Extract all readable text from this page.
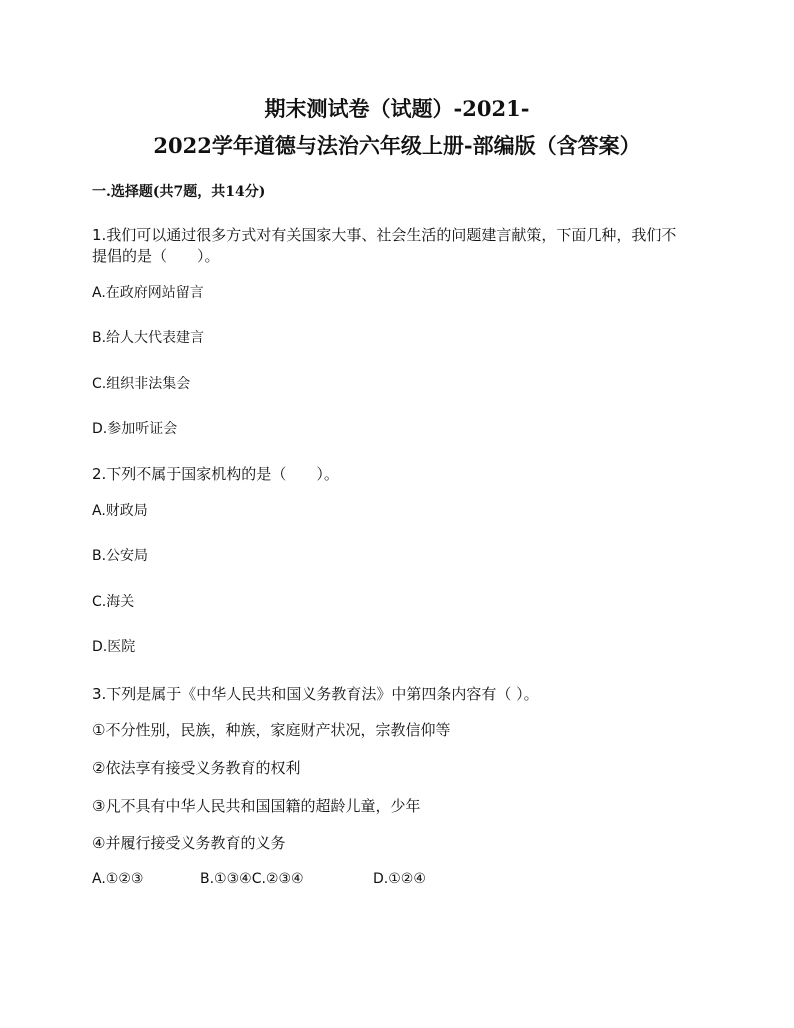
期末测试卷（试题）-2021-
2022学年道德与法治六年级上册-部编版（含答案）
一.选择题(共7题，共14分)
1.我们可以通过很多方式对有关国家大事、社会生活的问题建言献策，下面几种，我们不
提倡的是（　　）。
A.在政府网站留言
B.给人大代表建言
C.组织非法集会
D.参加听证会
2.下列不属于国家机构的是（　　）。
A.财政局
B.公安局
C.海关
D.医院
3.下列是属于《中华人民共和国义务教育法》中第四条内容有（ ）。
①不分性别，民族，种族，家庭财产状况，宗教信仰等
②依法享有接受义务教育的权利
③凡不具有中华人民共和国国籍的超龄儿童，少年
④并履行接受义务教育的义务
A.①②③	B.①③④C.②③④	D.①②④
